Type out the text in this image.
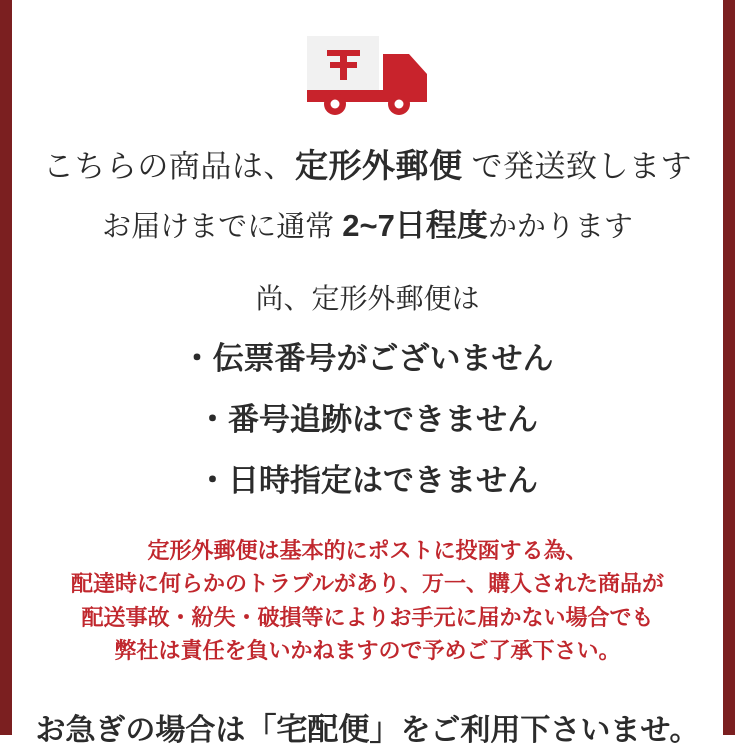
こちらの商品は、定形外郵便 で発送致します
お届けまでに通常 2~7日程度かかります
尚、定形外郵便は
・伝票番号がございません
・番号追跡はできません
・日時指定はできません
定形外郵便は基本的にポストに投函する為、
配達時に何らかのトラブルがあり、万一、購入された商品が
配送事故・紛失・破損等によりお手元に届かない場合でも
弊社は責任を負いかねますので予めご了承下さい。
お急ぎの場合は「宅配便」をご利用下さいませ。
